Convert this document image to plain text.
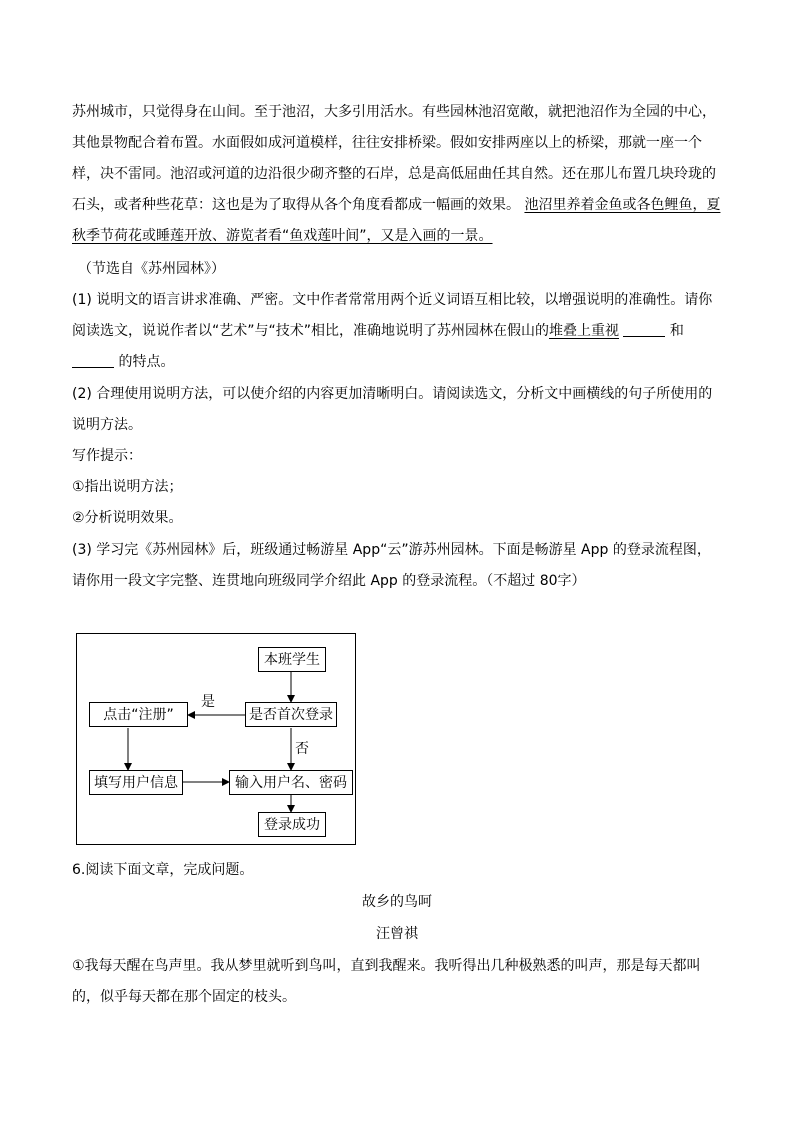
苏州城市，只觉得身在山间。至于池沼，大多引用活水。有些园林池沼宽敞，就把池沼作为全园的中心，
其他景物配合着布置。水面假如成河道模样，往往安排桥梁。假如安排两座以上的桥梁，那就一座一个
样，决不雷同。池沼或河道的边沿很少砌齐整的石岸，总是高低屈曲任其自然。还在那儿布置几块玲珑的
石头，或者种些花草：这也是为了取得从各个角度看都成一幅画的效果。 池沼里养着金鱼或各色鲤鱼，夏
秋季节荷花或睡莲开放、游览者看“鱼戏莲叶间”，又是入画的一景。
（节选自《苏州园林》）
(1) 说明文的语言讲求准确、严密。文中作者常常用两个近义词语互相比较，以增强说明的准确性。请你
阅读选文，说说作者以“艺术”与“技术”相比，准确地说明了苏州园林在假山的堆叠上重视	和
的特点。
(2) 合理使用说明方法，可以使介绍的内容更加清晰明白。请阅读选文，分析文中画横线的句子所使用的
说明方法。
写作提示：
①指出说明方法；
②分析说明效果。
(3) 学习完《苏州园林》后，班级通过畅游星 App“云”游苏州园林。下面是畅游星 App 的登录流程图，
请你用一段文字完整、连贯地向班级同学介绍此 App 的登录流程。（不超过 80字）
本班学生
是否首次登录
点击“注册”
填写用户信息	输入用户名、密码
登录成功
是
否
6.阅读下面文章，完成问题。
故乡的鸟呵
汪曾祺
①我每天醒在鸟声里。我从梦里就听到鸟叫，直到我醒来。我听得出几种极熟悉的叫声，那是每天都叫
的，似乎每天都在那个固定的枝头。
